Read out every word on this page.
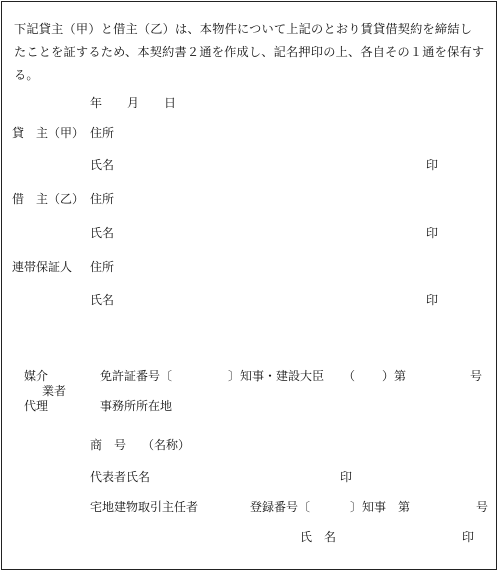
下記貸主（甲）と借主（乙）は、本物件について上記のとおり賃貸借契約を締結し
たことを証するため、本契約書２通を作成し、記名押印の上、各自その１通を保有する。
年 月 日
貸　主（甲） 住所
氏名	印
借　主（乙） 住所
氏名	印
連帯保証人 住所
氏名	印
媒介
業者
代理
免許証番号〔	〕知事・建設大臣 （ ）第	号
事務所所在地
商　号 （名称）
代表者氏名	印
宅地建物取引主任者	登録番号〔	〕知事　第	号
氏　名	印
